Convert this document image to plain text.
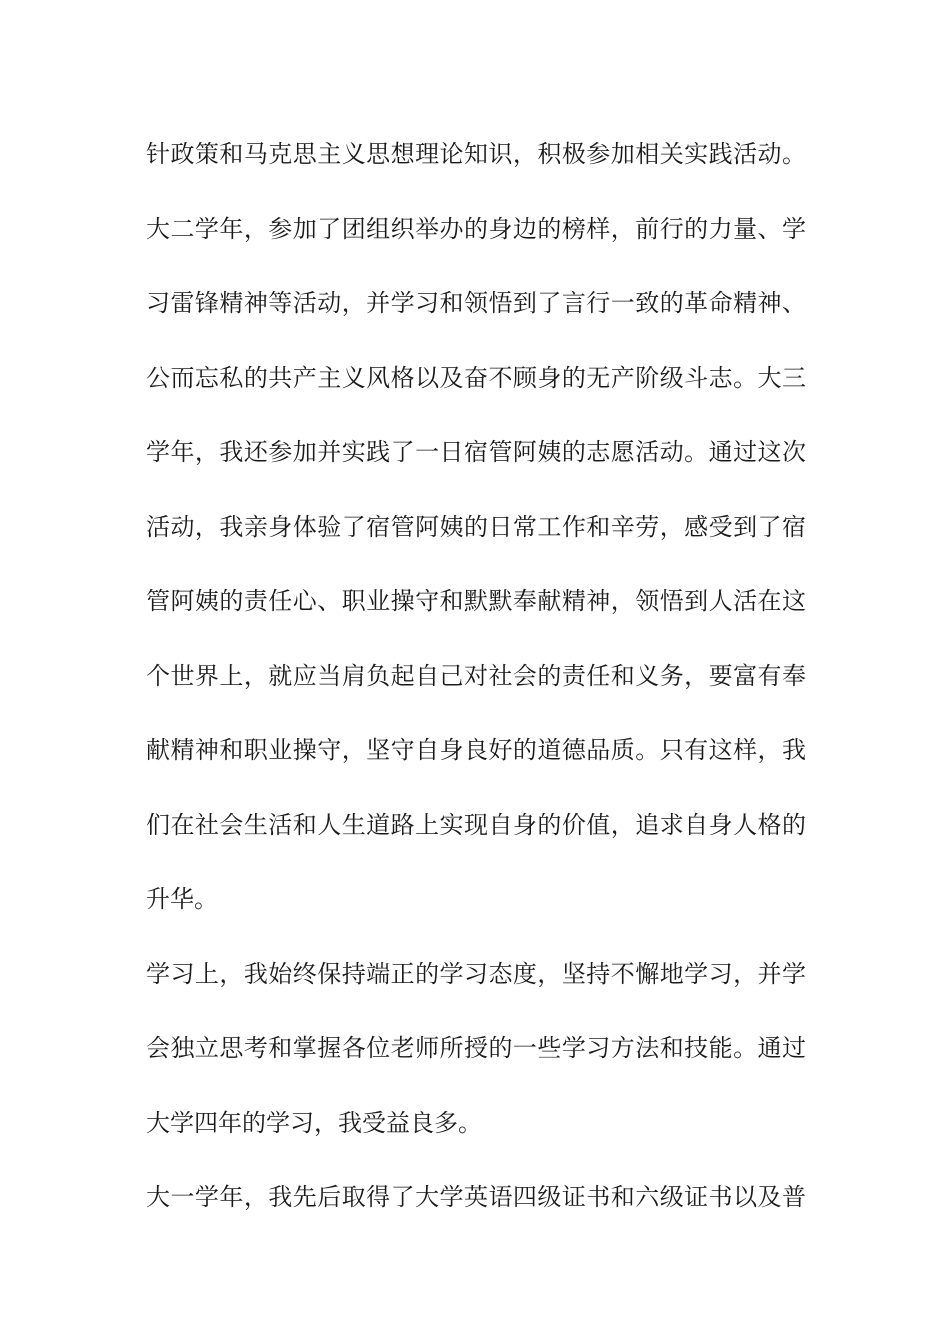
针政策和马克思主义思想理论知识，积极参加相关实践活动。
大二学年，参加了团组织举办的身边的榜样，前行的力量、学
习雷锋精神等活动，并学习和领悟到了言行一致的革命精神、
公而忘私的共产主义风格以及奋不顾身的无产阶级斗志。大三
学年，我还参加并实践了一日宿管阿姨的志愿活动。通过这次
活动，我亲身体验了宿管阿姨的日常工作和辛劳，感受到了宿
管阿姨的责任心、职业操守和默默奉献精神，领悟到人活在这
个世界上，就应当肩负起自己对社会的责任和义务，要富有奉
献精神和职业操守，坚守自身良好的道德品质。只有这样，我
们在社会生活和人生道路上实现自身的价值，追求自身人格的
升华。
学习上，我始终保持端正的学习态度，坚持不懈地学习，并学
会独立思考和掌握各位老师所授的一些学习方法和技能。通过
大学四年的学习，我受益良多。
大一学年，我先后取得了大学英语四级证书和六级证书以及普
